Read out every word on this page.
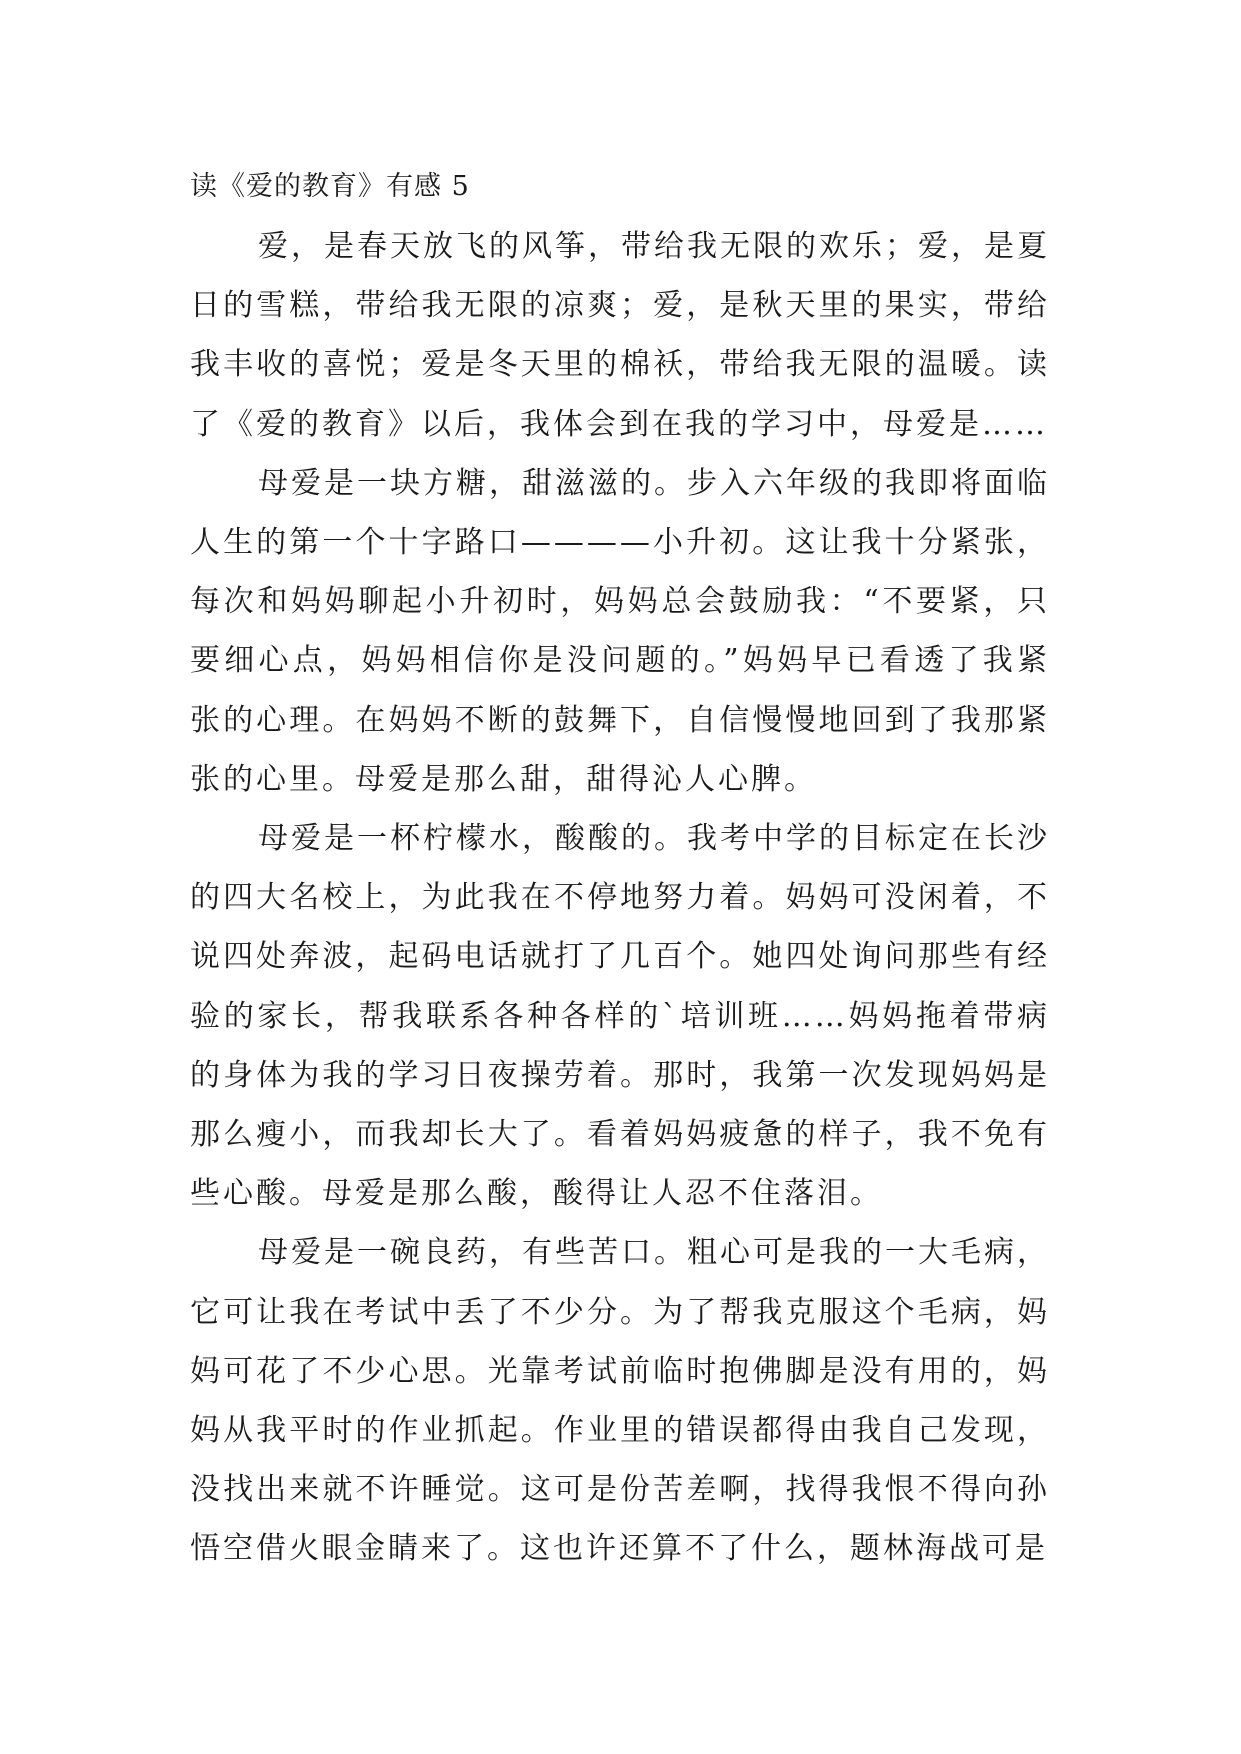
读《爱的教育》有感 5

爱，是春天放飞的风筝，带给我无限的欢乐；爱，是夏日的雪糕，带给我无限的凉爽；爱，是秋天里的果实，带给我丰收的喜悦；爱是冬天里的棉袄，带给我无限的温暖。读了《爱的教育》以后，我体会到在我的学习中，母爱是……

母爱是一块方糖，甜滋滋的。步入六年级的我即将面临人生的第一个十字路口————小升初。这让我十分紧张，每次和妈妈聊起小升初时，妈妈总会鼓励我：“不要紧，只要细心点，妈妈相信你是没问题的。”妈妈早已看透了我紧张的心理。在妈妈不断的鼓舞下，自信慢慢地回到了我那紧张的心里。母爱是那么甜，甜得沁人心脾。

母爱是一杯柠檬水，酸酸的。我考中学的目标定在长沙的四大名校上，为此我在不停地努力着。妈妈可没闲着，不说四处奔波，起码电话就打了几百个。她四处询问那些有经验的家长，帮我联系各种各样的`培训班……妈妈拖着带病的身体为我的学习日夜操劳着。那时，我第一次发现妈妈是那么瘦小，而我却长大了。看着妈妈疲惫的样子，我不免有些心酸。母爱是那么酸，酸得让人忍不住落泪。

母爱是一碗良药，有些苦口。粗心可是我的一大毛病，它可让我在考试中丢了不少分。为了帮我克服这个毛病，妈妈可花了不少心思。光靠考试前临时抱佛脚是没有用的，妈妈从我平时的作业抓起。作业里的错误都得由我自己发现，没找出来就不许睡觉。这可是份苦差啊，找得我恨不得向孙悟空借火眼金睛来了。这也许还算不了什么，题林海战可是
